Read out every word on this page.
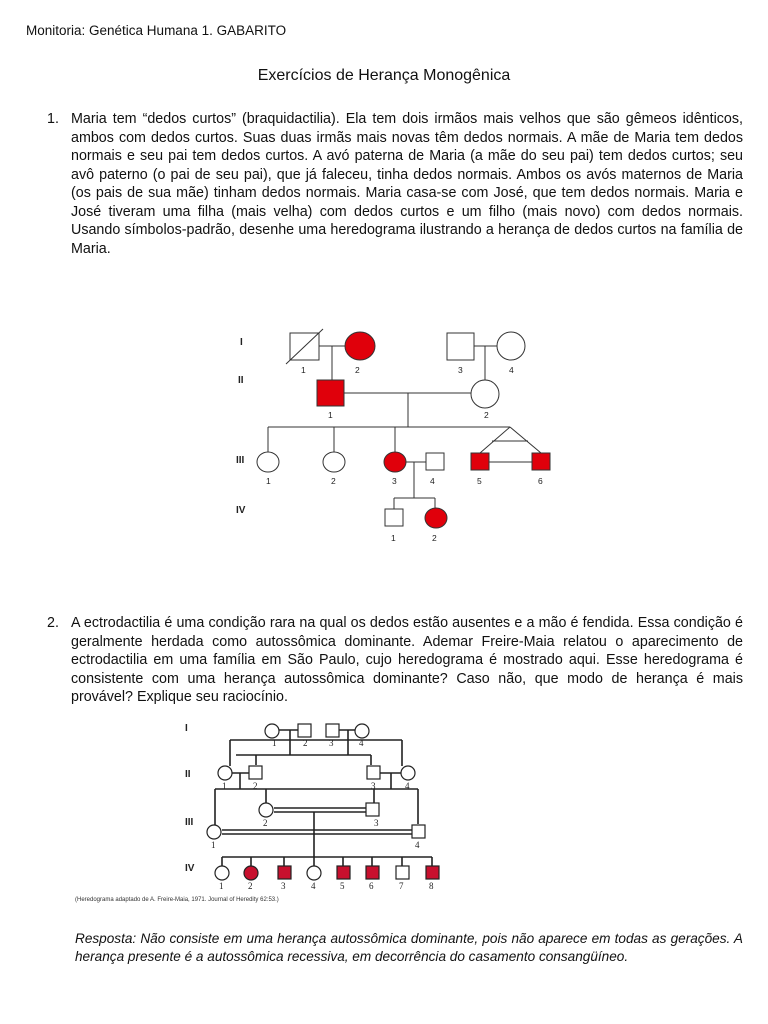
Monitoria: Genética Humana 1. GABARITO
Exercícios de Herança Monogênica
1. Maria tem “dedos curtos” (braquidactilia). Ela tem dois irmãos mais velhos que são gêmeos idênticos, ambos com dedos curtos. Suas duas irmãs mais novas têm dedos normais. A mãe de Maria tem dedos normais e seu pai tem dedos curtos. A avó paterna de Maria (a mãe do seu pai) tem dedos curtos; seu avô paterno (o pai de seu pai), que já faleceu, tinha dedos normais. Ambos os avós maternos de Maria (os pais de sua mãe) tinham dedos normais. Maria casa-se com José, que tem dedos normais. Maria e José tiveram uma filha (mais velha) com dedos curtos e um filho (mais novo) com dedos normais. Usando símbolos-padrão, desenhe uma heredograma ilustrando a herança de dedos curtos na família de Maria.
2. A ectrodactilia é uma condição rara na qual os dedos estão ausentes e a mão é fendida. Essa condição é geralmente herdada como autossômica dominante. Ademar Freire-Maia relatou o aparecimento de ectrodactilia em uma família em São Paulo, cujo heredograma é mostrado aqui. Esse heredograma é consistente com uma herança autossômica dominante? Caso não, que modo de herança é mais provável? Explique seu raciocínio.
I
II
III
IV
1	2	3	4
1	2
1	2	3	4	5	6
1	2
I
II
III
IV
1	2 3	4
1	2	3	4
1
2	3
4
1	2	3	4	5	6	7	8
(Heredograma adaptado de A. Freire-Maia, 1971. Journal of Heredity 62:53.)
Resposta: Não consiste em uma herança autossômica dominante, pois não aparece em todas as gerações. A herança presente é a autossômica recessiva, em decorrência do casamento consangüíneo.
